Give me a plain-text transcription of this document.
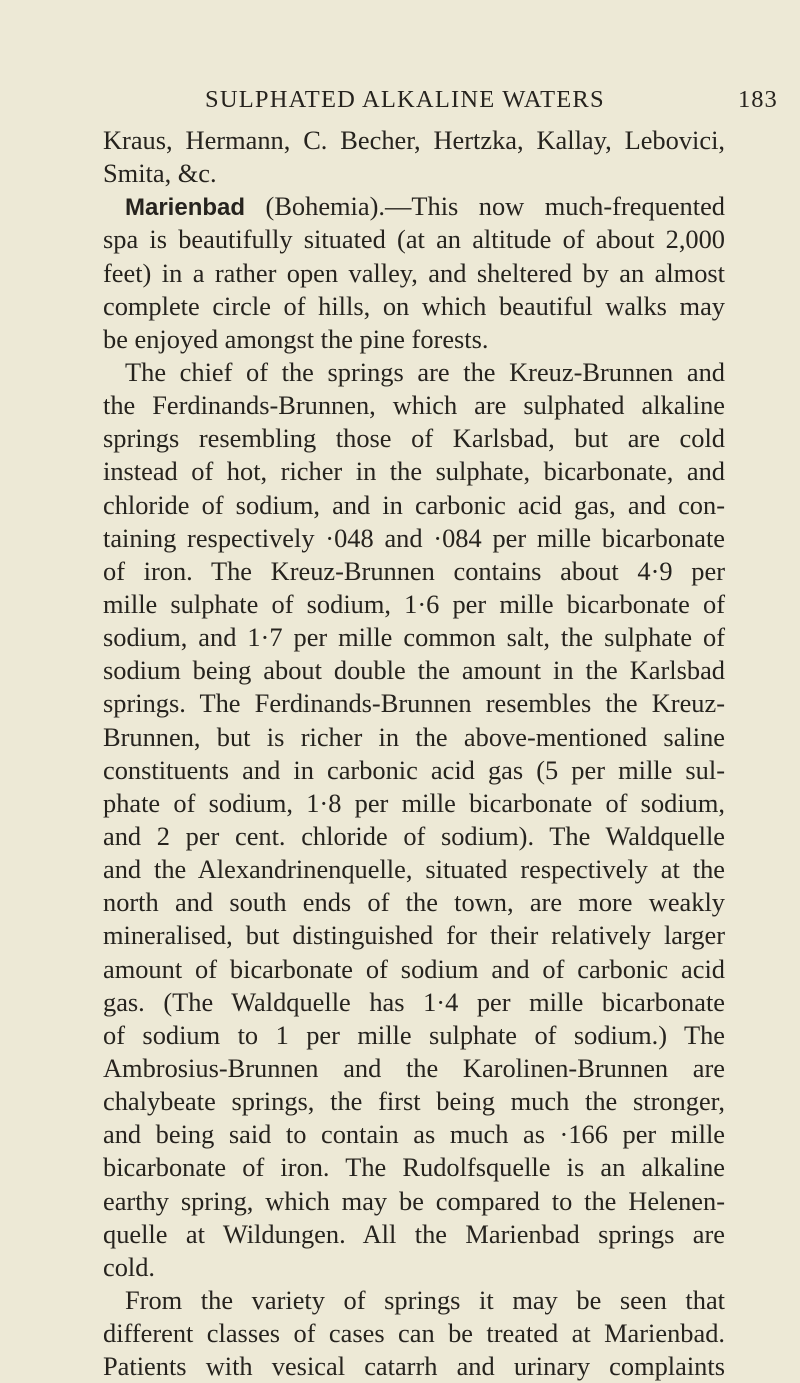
SULPHATED ALKALINE WATERS	183
Kraus, Hermann, C. Becher, Hertzka, Kallay, Lebovici,
Smita, &c.
Marienbad (Bohemia).—This now much-frequented
spa is beautifully situated (at an altitude of about 2,000
feet) in a rather open valley, and sheltered by an almost
complete circle of hills, on which beautiful walks may
be enjoyed amongst the pine forests.
The chief of the springs are the Kreuz-Brunnen and
the Ferdinands-Brunnen, which are sulphated alkaline
springs resembling those of Karlsbad, but are cold
instead of hot, richer in the sulphate, bicarbonate, and
chloride of sodium, and in carbonic acid gas, and con-
taining respectively ·048 and ·084 per mille bicarbonate
of iron. The Kreuz-Brunnen contains about 4·9 per
mille sulphate of sodium, 1·6 per mille bicarbonate of
sodium, and 1·7 per mille common salt, the sulphate of
sodium being about double the amount in the Karlsbad
springs. The Ferdinands-Brunnen resembles the Kreuz-
Brunnen, but is richer in the above-mentioned saline
constituents and in carbonic acid gas (5 per mille sul-
phate of sodium, 1·8 per mille bicarbonate of sodium,
and 2 per cent. chloride of sodium). The Waldquelle
and the Alexandrinenquelle, situated respectively at the
north and south ends of the town, are more weakly
mineralised, but distinguished for their relatively larger
amount of bicarbonate of sodium and of carbonic acid
gas. (The Waldquelle has 1·4 per mille bicarbonate
of sodium to 1 per mille sulphate of sodium.) The
Ambrosius-Brunnen and the Karolinen-Brunnen are
chalybeate springs, the first being much the stronger,
and being said to contain as much as ·166 per mille
bicarbonate of iron. The Rudolfsquelle is an alkaline
earthy spring, which may be compared to the Helenen-
quelle at Wildungen. All the Marienbad springs are
cold.
From the variety of springs it may be seen that
different classes of cases can be treated at Marienbad.
Patients with vesical catarrh and urinary complaints
